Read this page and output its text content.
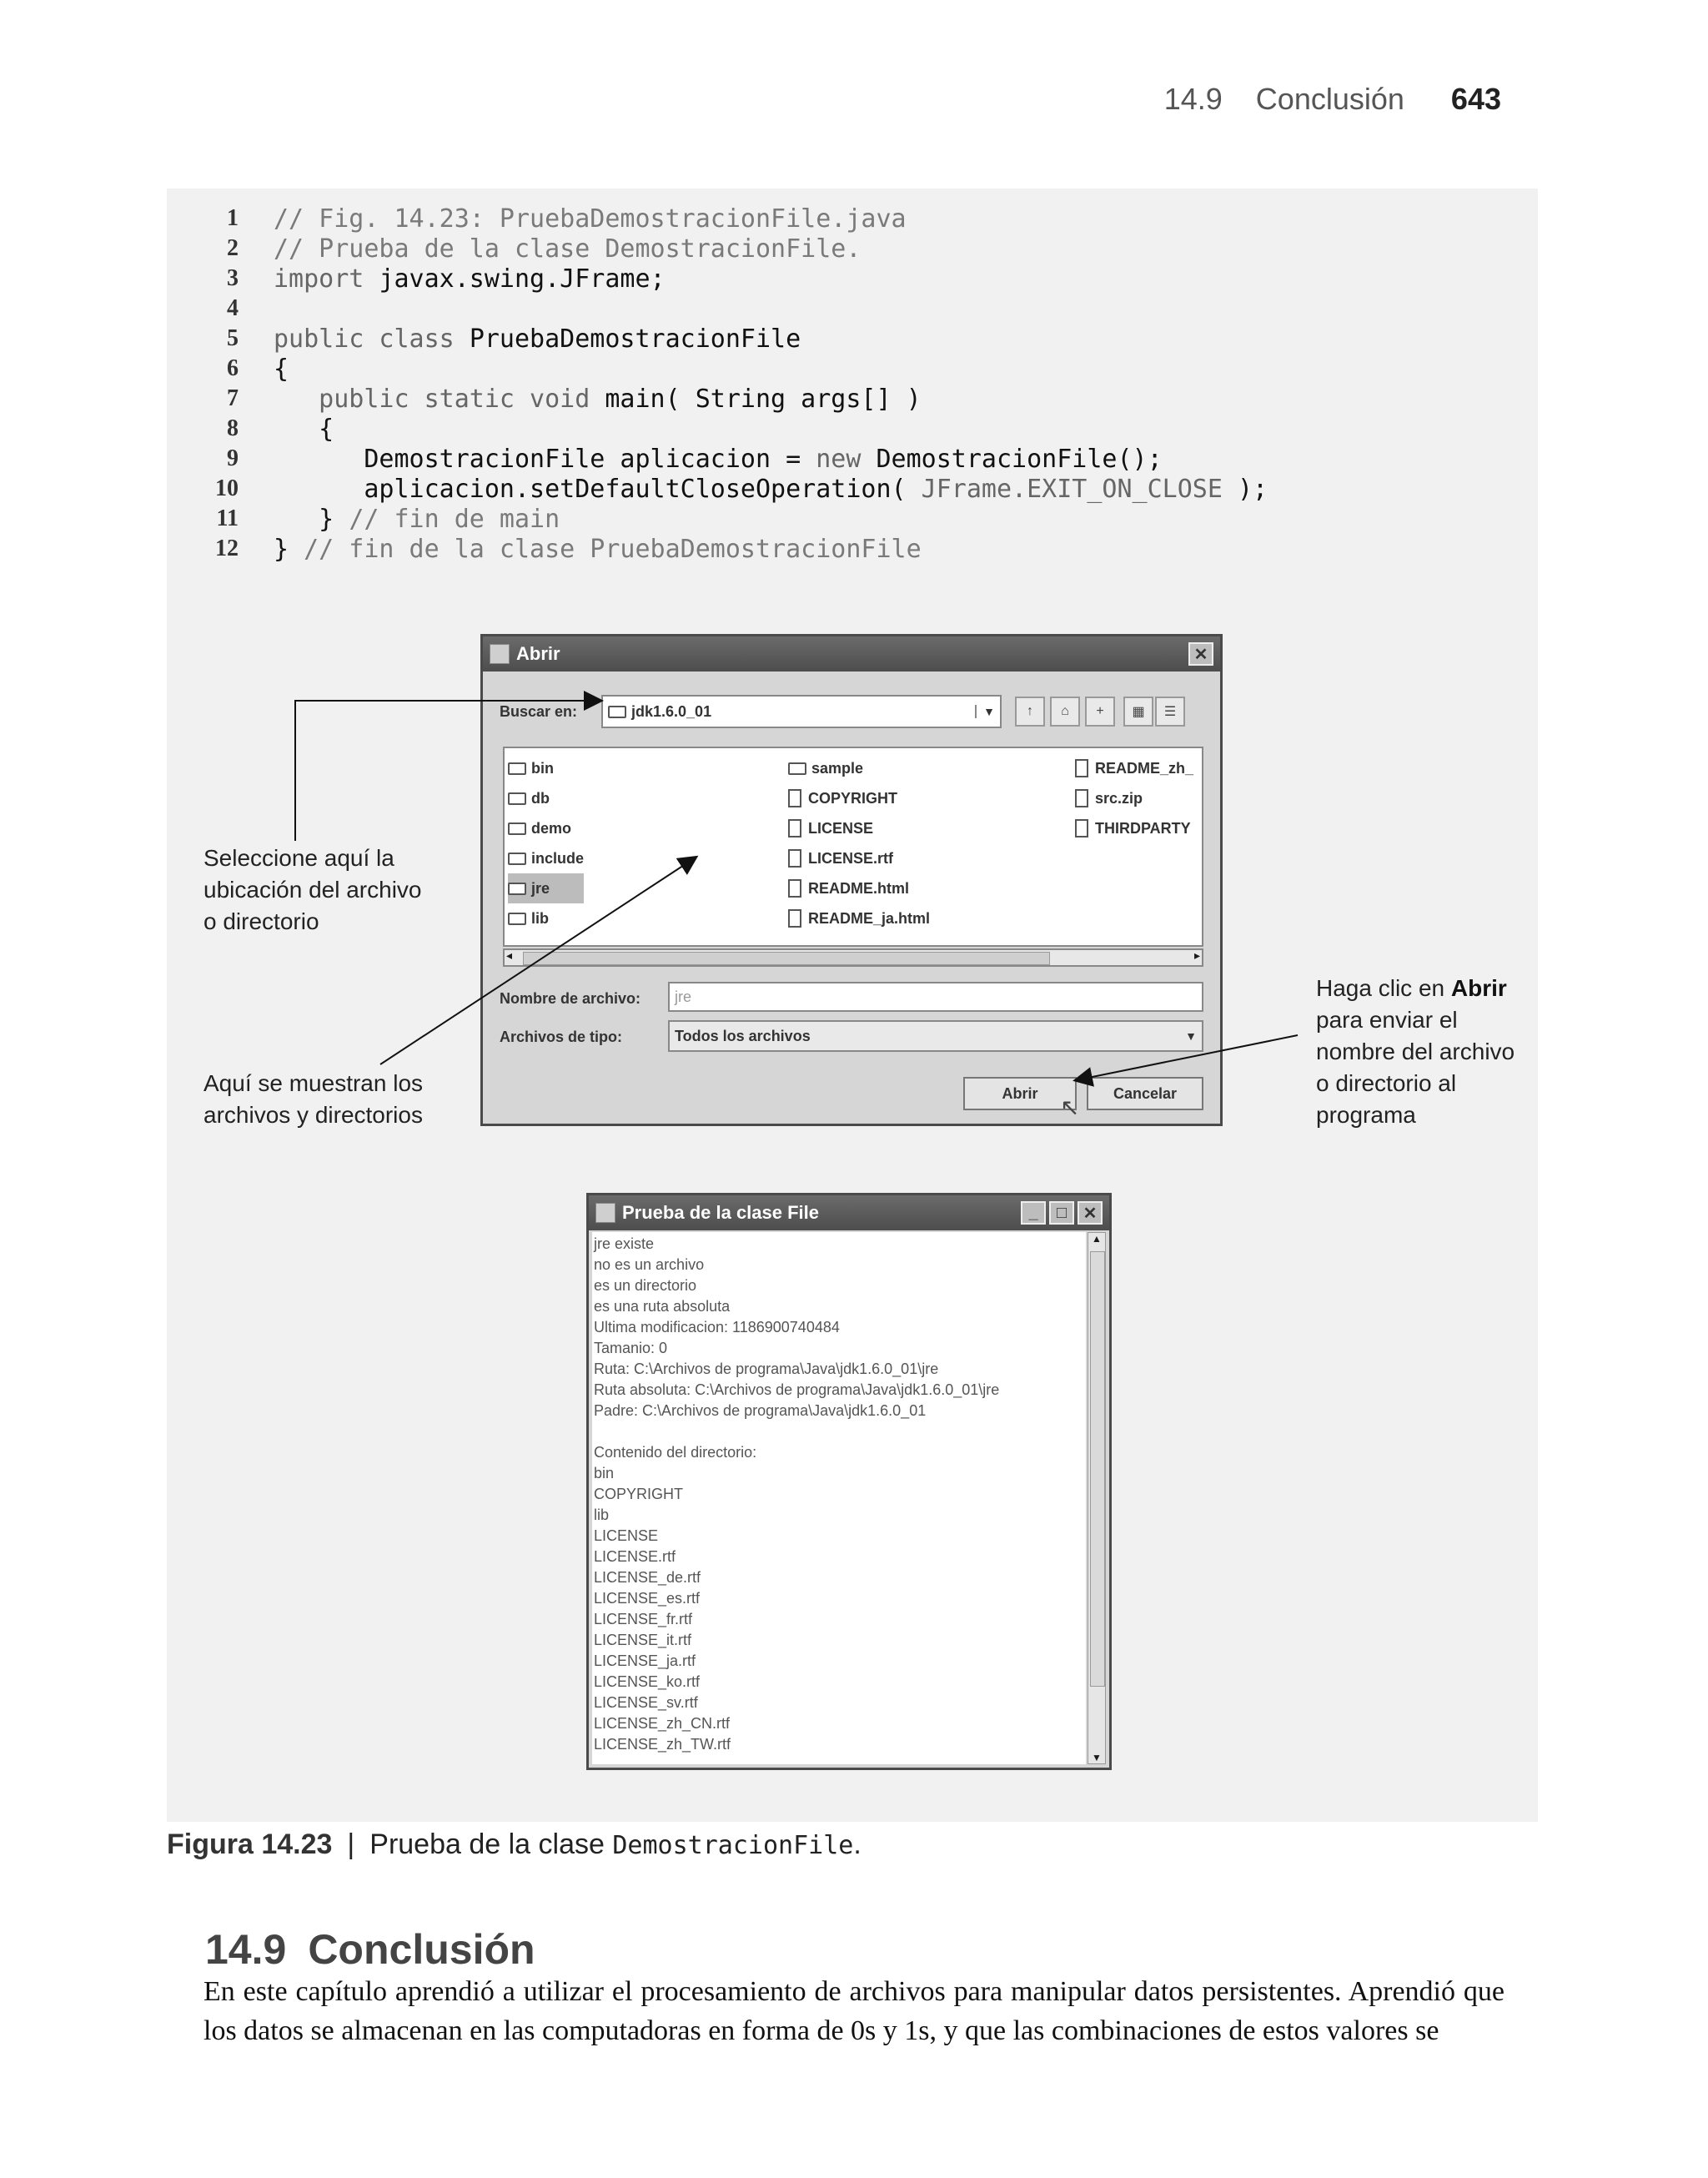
14.9 Conclusión 643
1 // Fig. 14.23: PruebaDemostracionFile.java
2 // Prueba de la clase DemostracionFile.
3 import javax.swing.JFrame;
4
5 public class PruebaDemostracionFile
6 {
7 public static void main( String args[] )
8 {
9 DemostracionFile aplicacion = new DemostracionFile();
10 aplicacion.setDefaultCloseOperation( JFrame.EXIT_ON_CLOSE );
11 } // fin de main
12 } // fin de la clase PruebaDemostracionFile
Abrir	✕
Buscar en:	jdk1.6.0_01	▼	↑	⌂	+	▦	☰
bin
db
demo
include
jre
lib
sample
COPYRIGHT
LICENSE
LICENSE.rtf
README.html
README_ja.html
README_zh_
src.zip
THIRDPARTY
◂	▸
Nombre de archivo: jre
Archivos de tipo:	Todos los archivos	▼
Abrir	Cancelar
↖
Prueba de la clase File	_	□ ✕
jre existe
no es un archivo
es un directorio
es una ruta absoluta
Ultima modificacion: 1186900740484
Tamanio: 0
Ruta: C:\Archivos de programa\Java\jdk1.6.0_01\jre
Ruta absoluta: C:\Archivos de programa\Java\jdk1.6.0_01\jre
Padre: C:\Archivos de programa\Java\jdk1.6.0_01
Contenido del directorio:
bin
COPYRIGHT
lib
LICENSE
LICENSE.rtf
LICENSE_de.rtf
LICENSE_es.rtf
LICENSE_fr.rtf
LICENSE_it.rtf
LICENSE_ja.rtf
LICENSE_ko.rtf
LICENSE_sv.rtf
LICENSE_zh_CN.rtf
LICENSE_zh_TW.rtf
▲
▼
Seleccione aquí la
ubicación del archivo
o directorio
Aquí se muestran los
archivos y directorios
Haga clic en Abrir
para enviar el
nombre del archivo
o directorio al
programa
Figura 14.23 | Prueba de la clase DemostracionFile.
14.9 Conclusión
En este capítulo aprendió a utilizar el procesamiento de archivos para manipular datos persistentes. Aprendió que los datos se almacenan en las computadoras en forma de 0s y 1s, y que las combinaciones de estos valores se
